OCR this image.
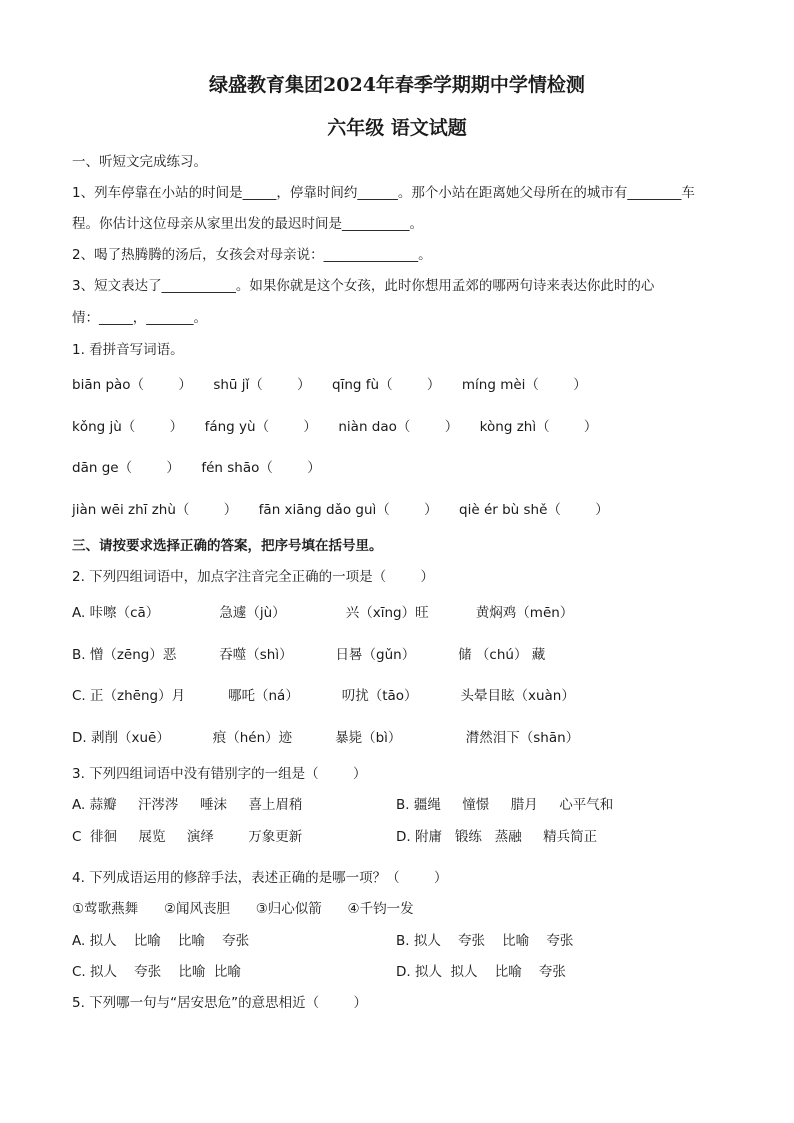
绿盛教育集团2024年春季学期期中学情检测
六年级 语文试题
一、听短文完成练习。
1、列车停靠在小站的时间是_____，停靠时间约______。那个小站在距离她父母所在的城市有________车
程。你估计这位母亲从家里出发的最迟时间是__________。
2、喝了热腾腾的汤后，女孩会对母亲说：______________。
3、短文表达了___________。如果你就是这个女孩，此时你想用孟郊的哪两句诗来表达你此时的心
情：_____，_______。
1. 看拼音写词语。
biān pào（        ）     shū jǐ（        ）     qīng fù（        ）     míng mèi（        ）
kǒng jù（        ）     fáng yù（        ）     niàn dao（        ）     kòng zhì（        ）
dān ge（        ）     fén shāo（        ）
jiàn wēi zhī zhù（        ）     fān xiāng dǎo guì（        ）     qiè ér bù shě（        ）
三、请按要求选择正确的答案，把序号填在括号里。
2. 下列四组词语中，加点字注音完全正确的一项是（        ）
A. 咔嚓（cā）              急遽（jù）              兴（xīng）旺           黄焖鸡（mēn）
B. 憎（zēng）恶          吞噬（shì）          日晷（gǔn）          储 （chú） 藏
C. 正（zhēng）月          哪吒（ná）          叨扰（tāo）          头晕目眩（xuàn）
D. 剥削（xuē）          痕（hén）迹          暴毙（bì）               潸然泪下（shān）
3. 下列四组词语中没有错别字的一组是（        ）
A. 蒜瓣     汗涔涔     唾沫     喜上眉稍	B. 疆绳     憧憬     腊月     心平气和
C  徘徊     展览     演绎        万象更新	D. 附庸   锻练   蒸融     精兵简正
4. 下列成语运用的修辞手法，表述正确的是哪一项？（        ）
①莺歌燕舞      ②闻风丧胆      ③归心似箭      ④千钧一发
A. 拟人    比喻    比喻    夸张	B. 拟人    夸张    比喻    夸张
C. 拟人    夸张    比喻  比喻	D. 拟人  拟人    比喻    夸张
5. 下列哪一句与“居安思危”的意思相近（        ）
